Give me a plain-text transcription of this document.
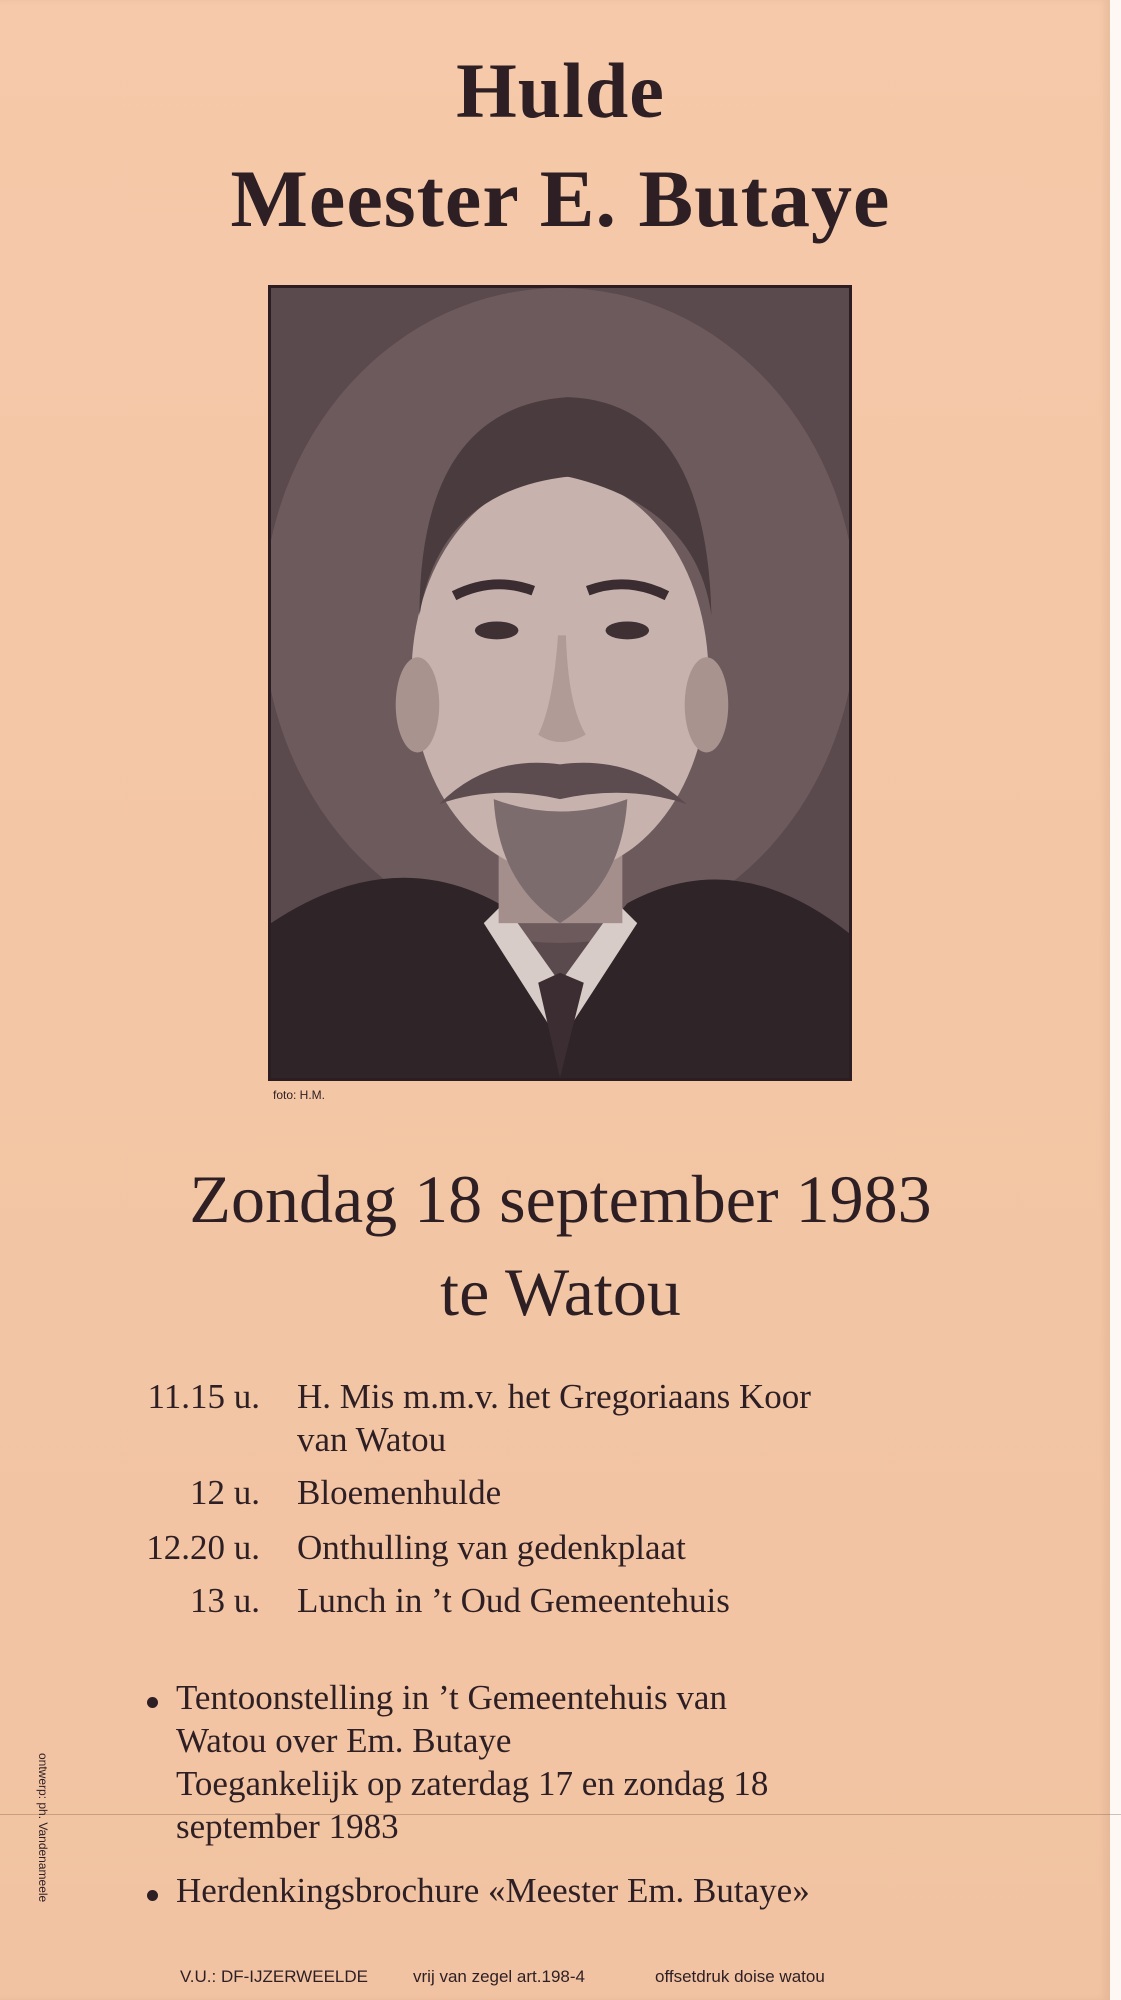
Hulde
Meester E. Butaye
foto: H.M.
Zondag 18 september 1983
te Watou
11.15 u. H. Mis m.m.v. het Gregoriaans Koor
van Watou
12 u. Bloemenhulde
12.20 u. Onthulling van gedenkplaat
13 u. Lunch in ’t Oud Gemeentehuis
Tentoonstelling in ’t Gemeentehuis van
Watou over Em. Butaye
Toegankelijk op zaterdag 17 en zondag 18
september 1983
Herdenkingsbrochure «Meester Em. Butaye»
ontwerp: ph. Vandenameele
V.U.: DF-IJZERWEELDE	vrij van zegel art.198-4	offsetdruk doise watou
